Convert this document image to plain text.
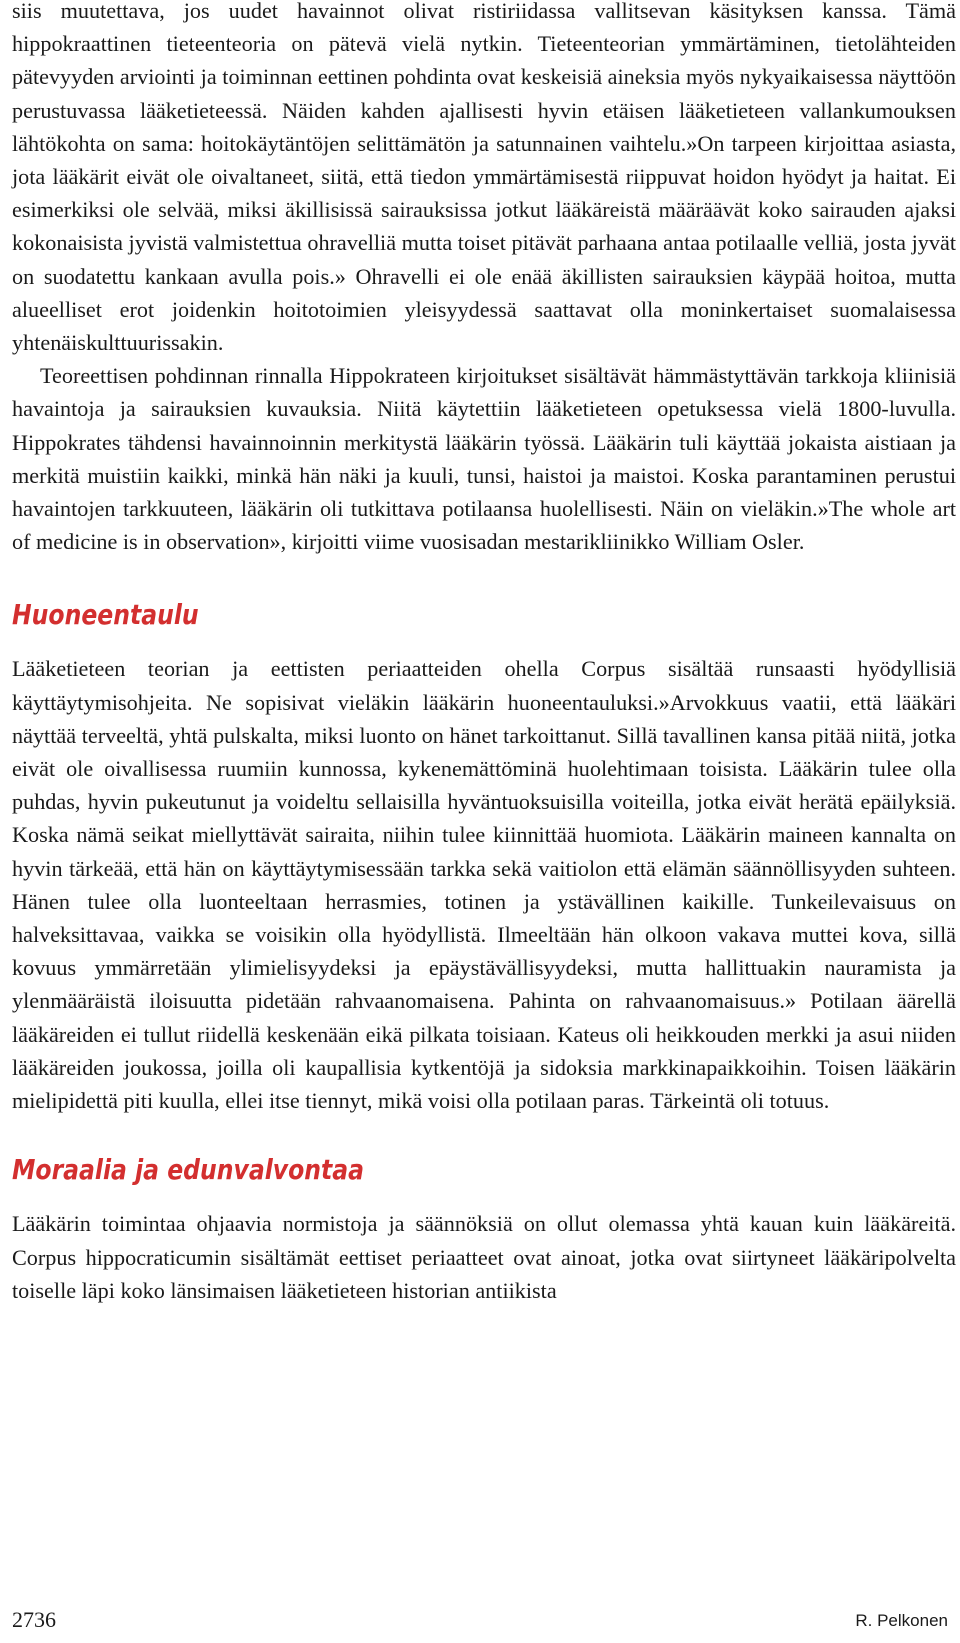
siis muutettava, jos uudet havainnot olivat ristiriidassa vallitsevan käsityksen kanssa. Tämä hippokraattinen tieteenteoria on pätevä vielä nytkin. Tieteenteorian ymmärtäminen, tietolähteiden pätevyyden arviointi ja toiminnan eettinen pohdinta ovat keskeisiä aineksia myös nykyaikaisessa näyttöön perustuvassa lääketieteessä. Näiden kahden ajallisesti hyvin etäisen lääketieteen vallankumouksen lähtökohta on sama: hoitokäytäntöjen selittämätön ja satunnainen vaihtelu.»On tarpeen kirjoittaa asiasta, jota lääkärit eivät ole oivaltaneet, siitä, että tiedon ymmärtämisestä riippuvat hoidon hyödyt ja haitat. Ei esimerkiksi ole selvää, miksi äkillisissä sairauksissa jotkut lääkäreistä määräävät koko sairauden ajaksi kokonaisista jyvistä valmistettua ohravelliä mutta toiset pitävät parhaana antaa potilaalle velliä, josta jyvät on suodatettu kankaan avulla pois.» Ohravelli ei ole enää äkillisten sairauksien käypää hoitoa, mutta alueelliset erot joidenkin hoitotoimien yleisyydessä saattavat olla moninkertaiset suomalaisessa yhtenäiskulttuurissakin.

Teoreettisen pohdinnan rinnalla Hippokrateen kirjoitukset sisältävät hämmästyttävän tarkkoja kliinisiä havaintoja ja sairauksien kuvauksia. Niitä käytettiin lääketieteen opetuksessa vielä 1800-luvulla. Hippokrates tähdensi havainnoinnin merkitystä lääkärin työssä. Lääkärin tuli käyttää jokaista aistiaan ja merkitä muistiin kaikki, minkä hän näki ja kuuli, tunsi, haistoi ja maistoi. Koska parantaminen perustui havaintojen tarkkuuteen, lääkärin oli tutkittava potilaansa huolellisesti. Näin on vieläkin.»The whole art of medicine is in observation», kirjoitti viime vuosisadan mestarikliinikko William Osler.

Huoneentaulu

Lääketieteen teorian ja eettisten periaatteiden ohella Corpus sisältää runsaasti hyödyllisiä käyttäytymisohjeita. Ne sopisivat vieläkin lääkärin huoneentauluksi.»Arvokkuus vaatii, että lääkäri näyttää terveeltä, yhtä pulskalta, miksi luonto on hänet tarkoittanut. Sillä tavallinen kansa pitää niitä, jotka eivät ole oivallisessa ruumiin kunnossa, kykenemättöminä huolehtimaan toisista. Lääkärin tulee olla puhdas, hyvin pukeutunut ja voideltu sellaisilla hyväntuoksuisilla voiteilla, jotka eivät herätä epäilyksiä. Koska nämä seikat miellyttävät sairaita, niihin tulee kiinnittää huomiota. Lääkärin maineen kannalta on hyvin tärkeää, että hän on käyttäytymisessään tarkka sekä vaitiolon että elämän säännöllisyyden suhteen. Hänen tulee olla luonteeltaan herrasmies, totinen ja ystävällinen kaikille. Tunkeilevaisuus on halveksittavaa, vaikka se voisikin olla hyödyllistä. Ilmeeltään hän olkoon vakava muttei kova, sillä kovuus ymmärretään ylimielisyydeksi ja epäystävällisyydeksi, mutta hallittuakin nauramista ja ylenmääräistä iloisuutta pidetään rahvaanomaisena. Pahinta on rahvaanomaisuus.» Potilaan äärellä lääkäreiden ei tullut riidellä keskenään eikä pilkata toisiaan. Kateus oli heikkouden merkki ja asui niiden lääkäreiden joukossa, joilla oli kaupallisia kytkentöjä ja sidoksia markkinapaikkoihin. Toisen lääkärin mielipidettä piti kuulla, ellei itse tiennyt, mikä voisi olla potilaan paras. Tärkeintä oli totuus.

Moraalia ja edunvalvontaa

Lääkärin toimintaa ohjaavia normistoja ja säännöksiä on ollut olemassa yhtä kauan kuin lääkäreitä. Corpus hippocraticumin sisältämät eettiset periaatteet ovat ainoat, jotka ovat siirtyneet lääkäripolvelta toiselle läpi koko länsimaisen lääketieteen historian antiikista

2736	R. Pelkonen
